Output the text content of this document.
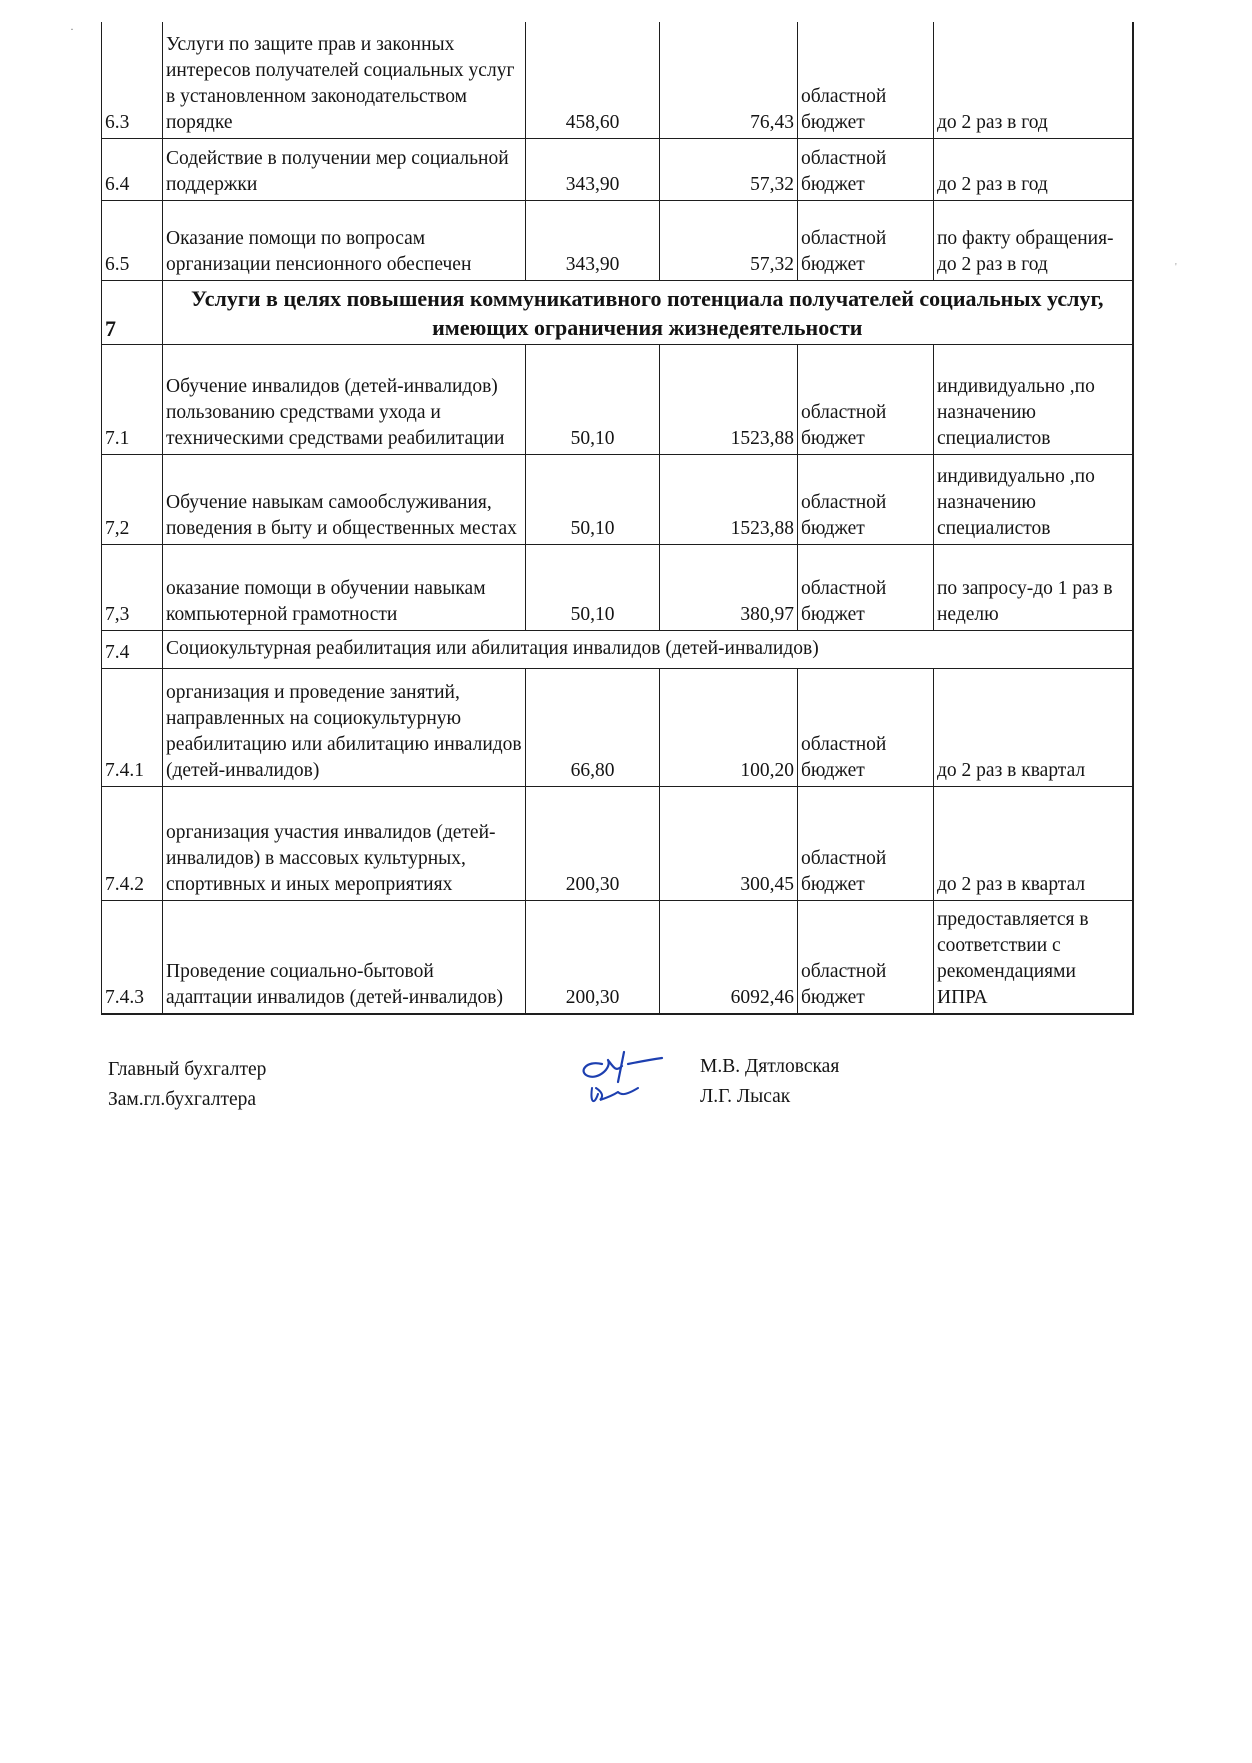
·
6.3	Услуги по защите прав и законных интересов получателей социальных услуг в установленном законодательством порядке	458,60	76,43	областной бюджет	до 2 раз в год
6.4	Содействие в получении мер социальной поддержки	343,90	57,32	областной бюджет	до 2 раз в год
6.5	Оказание помощи по вопросам организации пенсионного обеспечен	343,90	57,32	областной бюджет	по факту обращения-до 2 раз в год
7	Услуги в целях повышения коммуникативного потенциала получателей социальных услуг, имеющих ограничения жизнедеятельности				
7.1	Обучение инвалидов (детей-инвалидов) пользованию средствами ухода и техническими средствами реабилитации	50,10	1523,88	областной бюджет	индивидуально ,по назначению специалистов
7,2	Обучение навыкам самообслуживания, поведения в быту и общественных местах	50,10	1523,88	областной бюджет	индивидуально ,по назначению специалистов
7,3	оказание помощи в обучении навыкам компьютерной грамотности	50,10	380,97	областной бюджет	по запросу-до 1 раз в неделю
7.4	Социокультурная реабилитация или абилитация инвалидов (детей-инвалидов)				
7.4.1	организация и проведение занятий, направленных на социокультурную реабилитацию или абилитацию инвалидов (детей-инвалидов)	66,80	100,20	областной бюджет	до 2 раз в квартал
7.4.2	организация участия инвалидов (детей-инвалидов) в массовых культурных, спортивных и иных мероприятиях	200,30	300,45	областной бюджет	до 2 раз в квартал
7.4.3	Проведение социально-бытовой адаптации инвалидов (детей-инвалидов)	200,30	6092,46	областной бюджет	предоставляется в соответствии с рекомендациями ИПРА
Главный бухгалтер
Зам.гл.бухгалтера
М.В. Дятловская
Л.Г. Лысак
'
